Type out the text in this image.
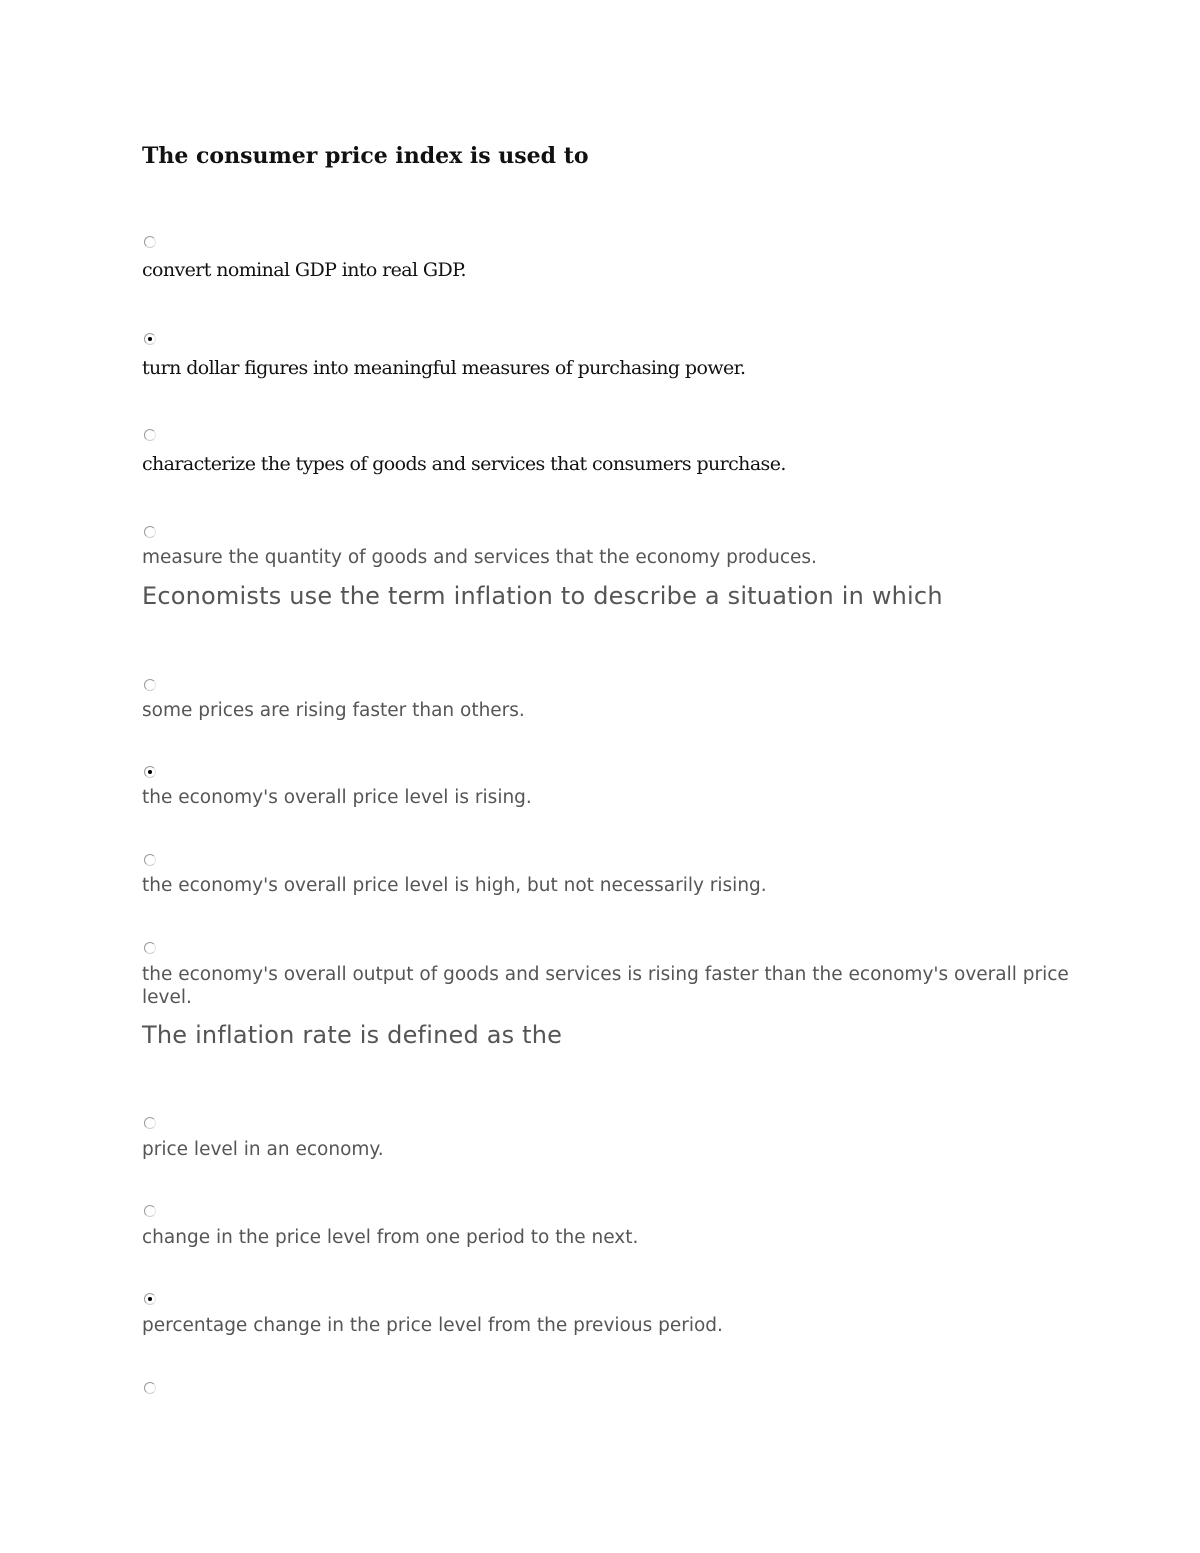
The consumer price index is used to
convert nominal GDP into real GDP.
turn dollar figures into meaningful measures of purchasing power.
characterize the types of goods and services that consumers purchase.
measure the quantity of goods and services that the economy produces.
Economists use the term inflation to describe a situation in which
some prices are rising faster than others.
the economy's overall price level is rising.
the economy's overall price level is high, but not necessarily rising.
the economy's overall output of goods and services is rising faster than the economy's overall price level.
The inflation rate is defined as the
price level in an economy.
change in the price level from one period to the next.
percentage change in the price level from the previous period.
